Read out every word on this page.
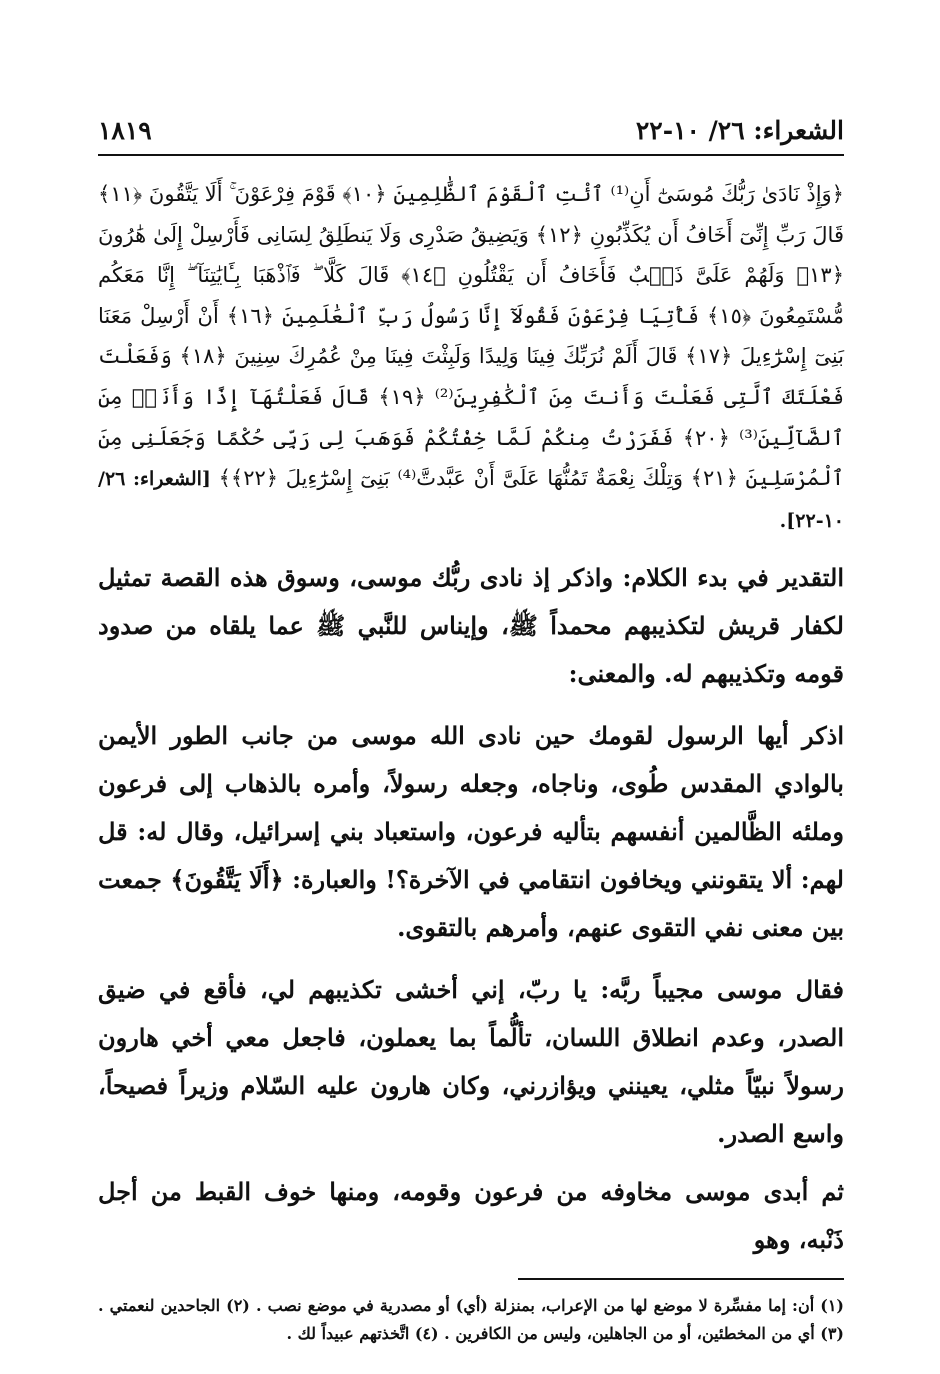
الشعراء: ٢٦/ ١٠-٢٢
١٨١٩
﴿وَإِذْ نَادَىٰ رَبُّكَ مُوسَىٰٓ أَنِ⁽¹⁾ ٱئْتِ ٱلْقَوْمَ ٱلظَّٰلِمِينَ ﴿١٠﴾ قَوْمَ فِرْعَوْنَ ۚ أَلَا يَتَّقُونَ ﴿١١﴾ قَالَ رَبِّ إِنِّىٓ أَخَافُ أَن يُكَذِّبُونِ ﴿١٢﴾ وَيَضِيقُ صَدْرِى وَلَا يَنطَلِقُ لِسَانِى فَأَرْسِلْ إِلَىٰ هَٰرُونَ ﴿١٣﴾ وَلَهُمْ عَلَىَّ ذَنۢبٌ فَأَخَافُ أَن يَقْتُلُونِ ﴿١٤﴾ قَالَ كَلَّا ۖ فَٱذْهَبَا بِـَٔايَٰتِنَآ ۖ إِنَّا مَعَكُم مُّسْتَمِعُونَ ﴿١٥﴾ فَأْتِيَا فِرْعَوْنَ فَقُولَآ إِنَّا رَسُولُ رَبِّ ٱلْعَٰلَمِينَ ﴿١٦﴾ أَنْ أَرْسِلْ مَعَنَا بَنِىٓ إِسْرَٰٓءِيلَ ﴿١٧﴾ قَالَ أَلَمْ نُرَبِّكَ فِينَا وَلِيدًا وَلَبِثْتَ فِينَا مِنْ عُمُرِكَ سِنِينَ ﴿١٨﴾ وَفَعَلْتَ فَعْلَتَكَ ٱلَّتِى فَعَلْتَ وَأَنتَ مِنَ ٱلْكَٰفِرِينَ⁽²⁾ ﴿١٩﴾ قَالَ فَعَلْتُهَآ إِذًا وَأَنَا۠ مِنَ ٱلضَّآلِّينَ⁽³⁾ ﴿٢٠﴾ فَفَرَرْتُ مِنكُمْ لَمَّا خِفْتُكُمْ فَوَهَبَ لِى رَبِّى حُكْمًا وَجَعَلَنِى مِنَ ٱلْمُرْسَلِينَ ﴿٢١﴾ وَتِلْكَ نِعْمَةٌ تَمُنُّهَا عَلَىَّ أَنْ عَبَّدتَّ⁽⁴⁾ بَنِىٓ إِسْرَٰٓءِيلَ ﴿٢٢﴾﴾ [الشعراء: ٢٦/ ١٠-٢٢].

التقدير في بدء الكلام: واذكر إذ نادى ربُّك موسى، وسوق هذه القصة تمثيل لكفار قريش لتكذيبهم محمداً ﷺ، وإيناس للنَّبي ﷺ عما يلقاه من صدود قومه وتكذيبهم له. والمعنى:

اذكر أيها الرسول لقومك حين نادى الله موسى من جانب الطور الأيمن بالوادي المقدس طُوى، وناجاه، وجعله رسولاً، وأمره بالذهاب إلى فرعون وملئه الظَّالمين أنفسهم بتأليه فرعون، واستعباد بني إسرائيل، وقال له: قل لهم: ألا يتقونني ويخافون انتقامي في الآخرة؟! والعبارة: ﴿أَلَا يَتَّقُونَ﴾ جمعت بين معنى نفي التقوى عنهم، وأمرهم بالتقوى.

فقال موسى مجيباً ربَّه: يا ربّ، إني أخشى تكذيبهم لي، فأقع في ضيق الصدر، وعدم انطلاق اللسان، تألُّماً بما يعملون، فاجعل معي أخي هارون رسولاً نبيّاً مثلي، يعينني ويؤازرني، وكان هارون عليه السّلام وزيراً فصيحاً، واسع الصدر.

ثم أبدى موسى مخاوفه من فرعون وقومه، ومنها خوف القبط من أجل ذَنْبه، وهو

(١) أن: إما مفسِّرة لا موضع لها من الإعراب، بمنزلة (أي) أو مصدرية في موضع نصب . (٢) الجاحدين لنعمتي . (٣) أي من المخطئين، أو من الجاهلين، وليس من الكافرين . (٤) اتَّخذتهم عبيداً لك .
